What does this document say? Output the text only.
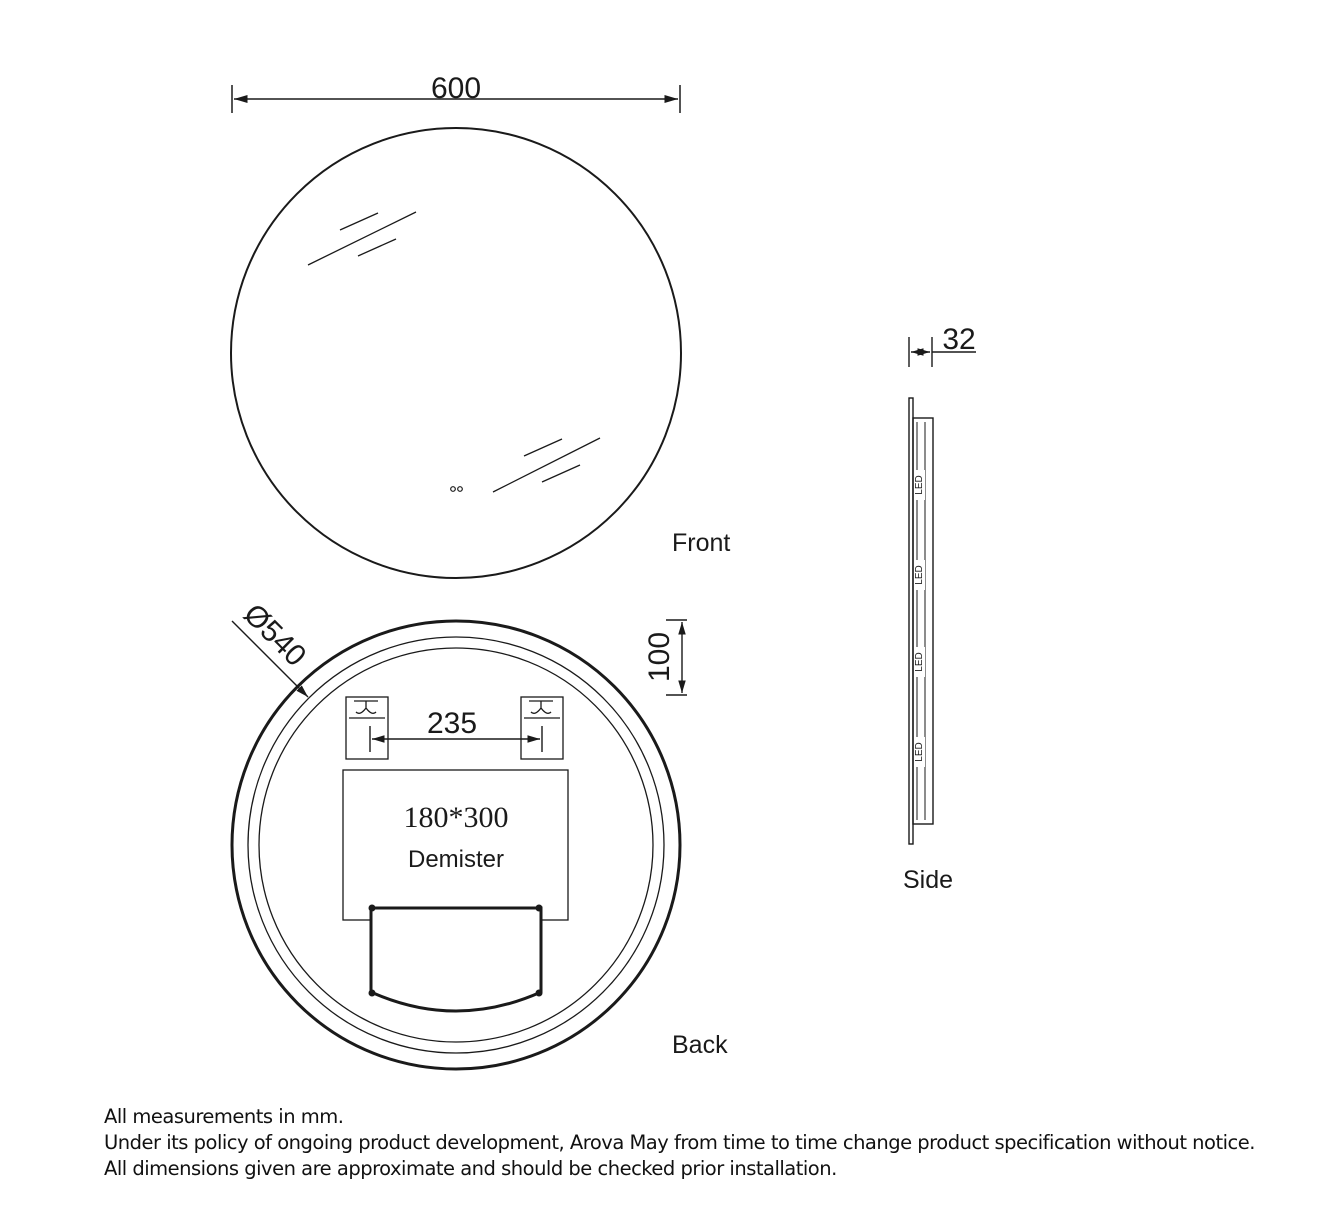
600
Front
Ø540	100
235
180*300
Demister
Back
32
LED
LED
LED
LED
Side
All measurements in mm.
Under its policy of ongoing product development, Arova May from time to time change product specification without notice.
All dimensions given are approximate and should be checked prior installation.
